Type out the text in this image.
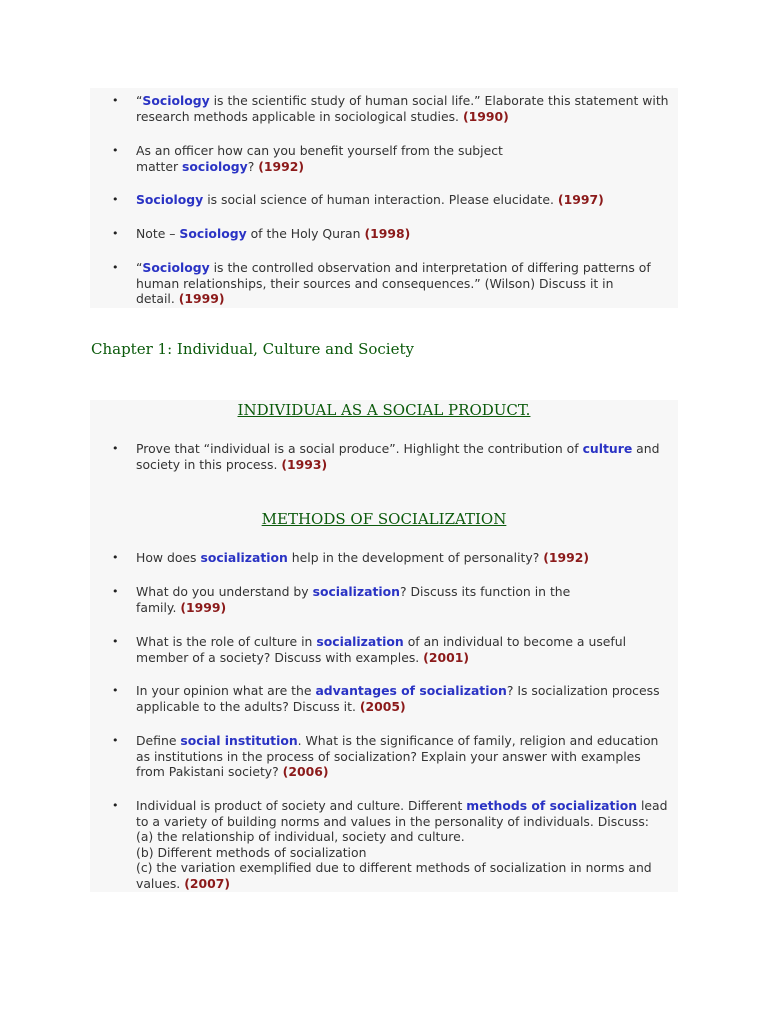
• “Sociology is the scientific study of human social life.” Elaborate this statement with
research methods applicable in sociological studies. (1990)
• As an officer how can you benefit yourself from the subject
matter sociology? (1992)
• Sociology is social science of human interaction. Please elucidate. (1997)
• Note – Sociology of the Holy Quran (1998)
• “Sociology is the controlled observation and interpretation of differing patterns of
human relationships, their sources and consequences.” (Wilson) Discuss it in
detail. (1999)
Chapter 1: Individual, Culture and Society
INDIVIDUAL AS A SOCIAL PRODUCT.
• Prove that “individual is a social produce”. Highlight the contribution of culture and
society in this process. (1993)
METHODS OF SOCIALIZATION
• How does socialization help in the development of personality? (1992)
• What do you understand by socialization? Discuss its function in the
family. (1999)
• What is the role of culture in socialization of an individual to become a useful
member of a society? Discuss with examples. (2001)
• In your opinion what are the advantages of socialization? Is socialization process
applicable to the adults? Discuss it. (2005)
• Define social institution. What is the significance of family, religion and education
as institutions in the process of socialization? Explain your answer with examples
from Pakistani society? (2006)
• Individual is product of society and culture. Different methods of socialization lead
to a variety of building norms and values in the personality of individuals. Discuss:
(a) the relationship of individual, society and culture.
(b) Different methods of socialization
(c) the variation exemplified due to different methods of socialization in norms and
values. (2007)
